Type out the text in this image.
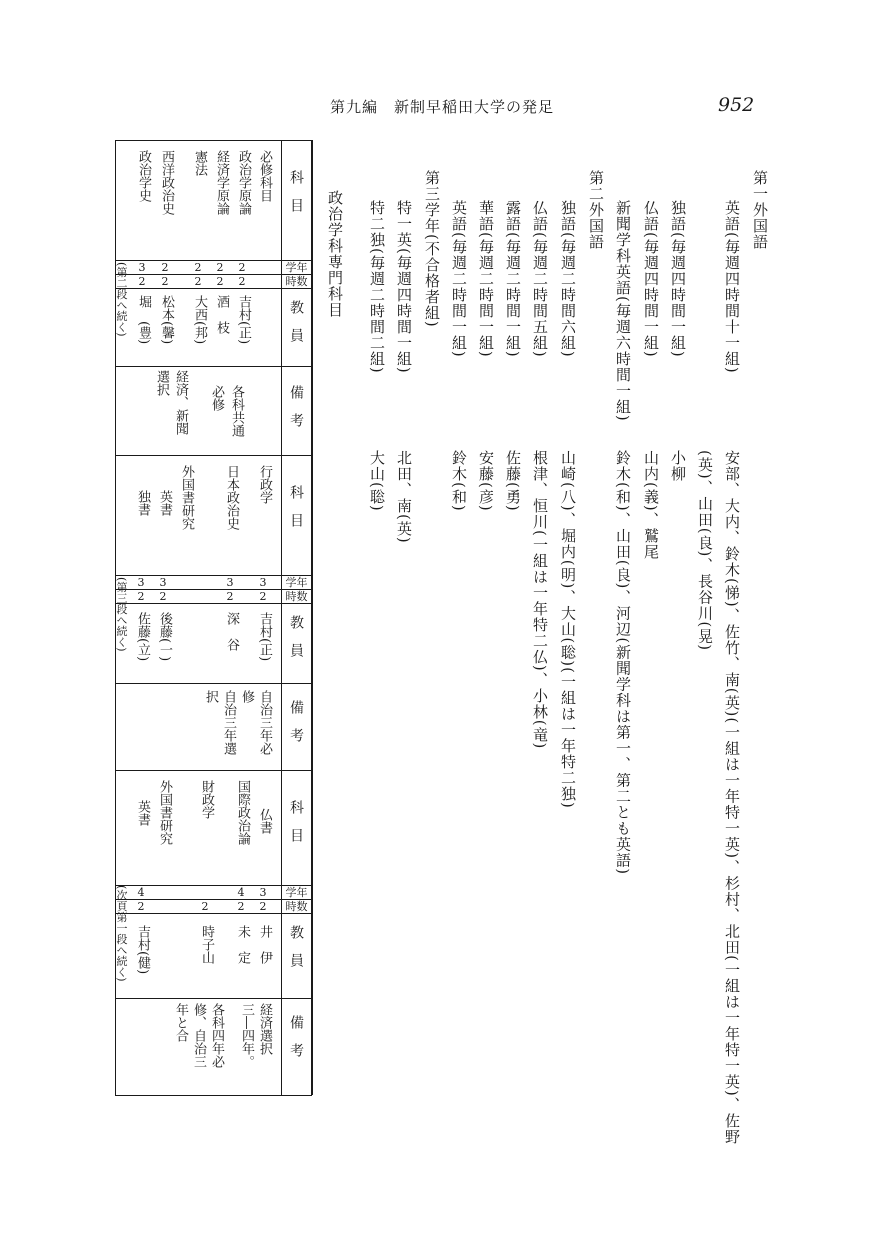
第九編　新制早稲田大学の発足	952
第一外国語
英語(毎週四時間十一組)
安部、大内、鈴木(悌)、佐竹、南(英)(一組は一年特一英)、杉村、北田(一組は一年特一英)、佐野
(英)、山田(良)、長谷川(晃)
独語(毎週四時間一組)
小柳
仏語(毎週四時間一組)
山内(義)、鷲尾
新聞学科英語(毎週六時間一組)
鈴木(和)、山田(良)、河辺(新聞学科は第一、第二とも英語)
第二外国語
独語(毎週二時間六組)
山崎(八)、堀内(明)、大山(聡)(一組は一年特二独)
仏語(毎週二時間五組)
根津、恒川(一組は一年特二仏)、小林(竜)
露語(毎週二時間一組)
佐藤(勇)
華語(毎週二時間一組)
安藤(彦)
英語(毎週二時間一組)
鈴木(和)
第三学年(不合格者組)
特一英(毎週四時間一組)
北田、南(英)
特二独(毎週二時間二組)
大山(聡)
政治学科専門科目
科　目
学年
時数
教　員
備　考
科　目
学年
時数
教　員
備　考
科　目
学年
時数
教　員
備　考
必修科目
政治学原論
2
2
吉村(正)
経済学原論
2
2
酒　枝
憲法
2
2
大西(邦)
西洋政治史
2
2
松本(馨)
政治学史
3
2
堀　(豊)
各科共通
必修
経済、新聞
選択
(第二段へ続く)
行政学
3
2
吉村(正)
日本政治史
3
2
深　谷
外国書研究
英書
3
2
後藤(一)
独書
3
2
佐藤(立)
自治三年必
修
自治三年選
択
(第三段へ続く)
仏書
3
2
井　伊
国際政治論
4
2
未　定
財政学
2
時子山
外国書研究
英書
4
2
吉村(健)
経済選択
三―四年。
各科四年必
修、自治三
年と合
(次頁第一段へ続く)
